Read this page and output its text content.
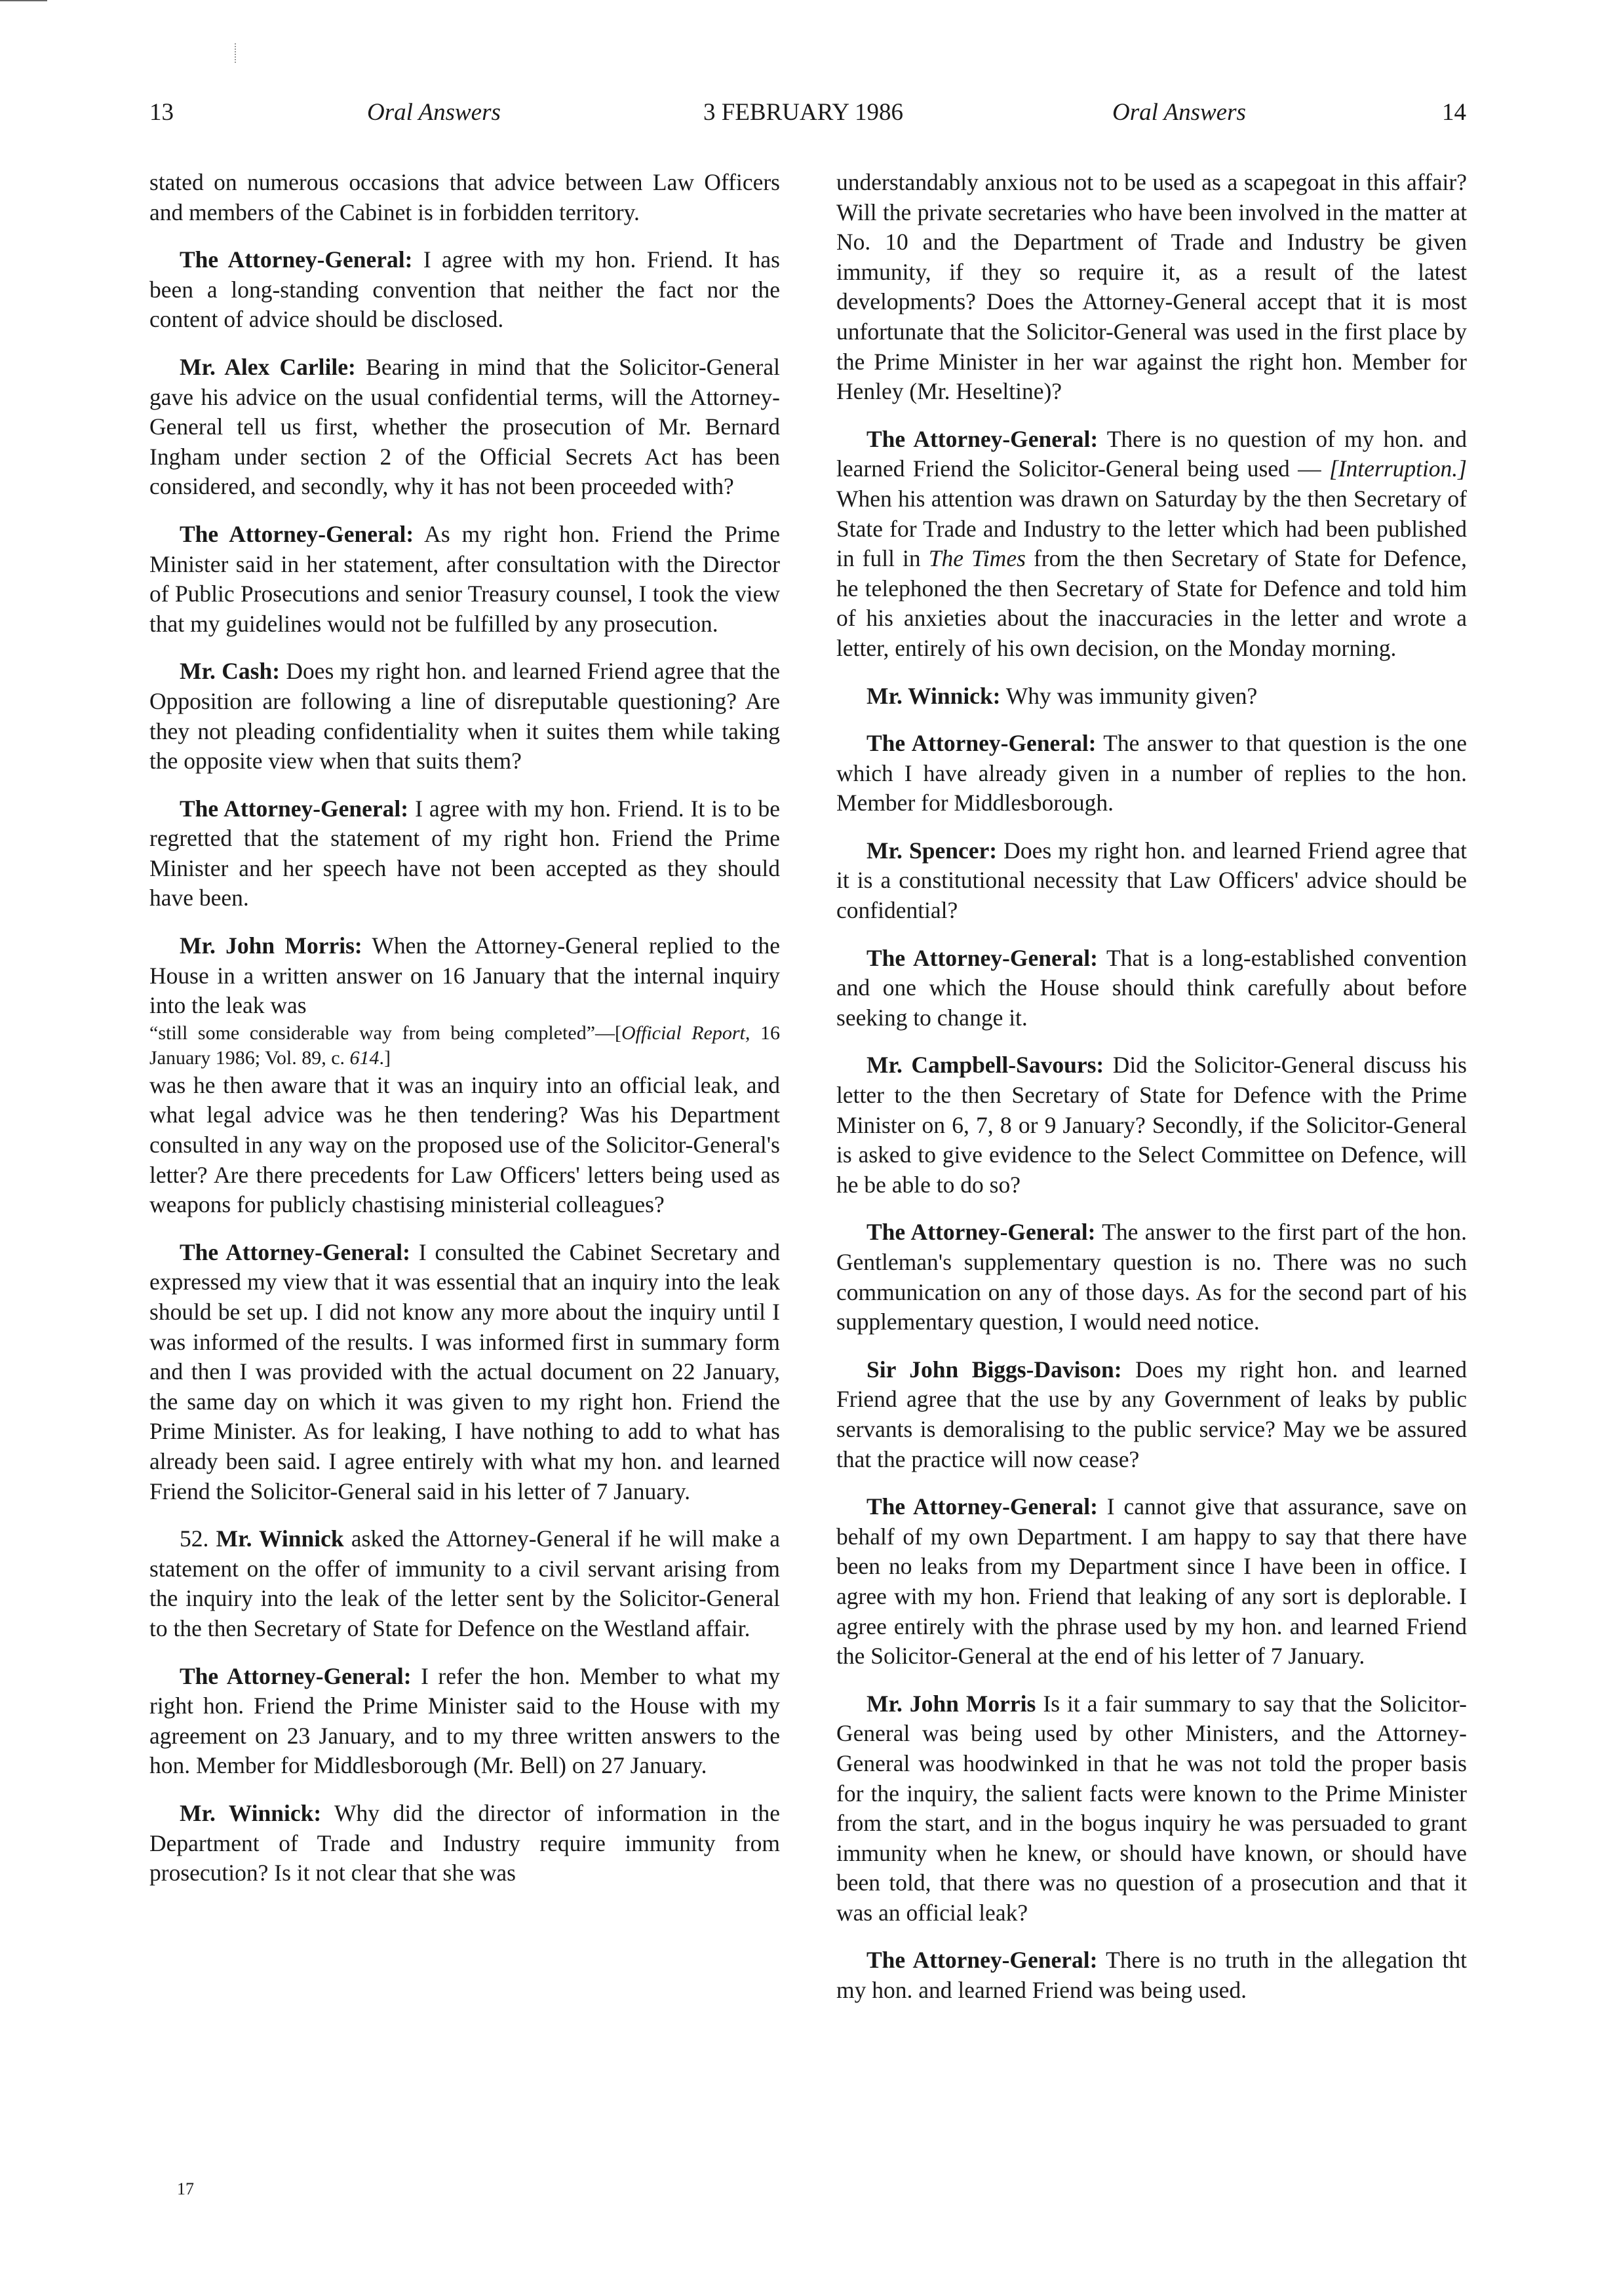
13	Oral Answers	3 FEBRUARY 1986	Oral Answers	14

stated on numerous occasions that advice between Law Officers and members of the Cabinet is in forbidden territory.

The Attorney-General: I agree with my hon. Friend. It has been a long-standing convention that neither the fact nor the content of advice should be disclosed.

Mr. Alex Carlile: Bearing in mind that the Solicitor-General gave his advice on the usual confidential terms, will the Attorney-General tell us first, whether the prosecution of Mr. Bernard Ingham under section 2 of the Official Secrets Act has been considered, and secondly, why it has not been proceeded with?

The Attorney-General: As my right hon. Friend the Prime Minister said in her statement, after consultation with the Director of Public Prosecutions and senior Treasury counsel, I took the view that my guidelines would not be fulfilled by any prosecution.

Mr. Cash: Does my right hon. and learned Friend agree that the Opposition are following a line of disreputable questioning? Are they not pleading confidentiality when it suites them while taking the opposite view when that suits them?

The Attorney-General: I agree with my hon. Friend. It is to be regretted that the statement of my right hon. Friend the Prime Minister and her speech have not been accepted as they should have been.

Mr. John Morris: When the Attorney-General replied to the House in a written answer on 16 January that the internal inquiry into the leak was

“still some considerable way from being completed”—[Official Report, 16 January 1986; Vol. 89, c. 614.]

was he then aware that it was an inquiry into an official leak, and what legal advice was he then tendering? Was his Department consulted in any way on the proposed use of the Solicitor-General's letter? Are there precedents for Law Officers' letters being used as weapons for publicly chastising ministerial colleagues?

The Attorney-General: I consulted the Cabinet Secretary and expressed my view that it was essential that an inquiry into the leak should be set up. I did not know any more about the inquiry until I was informed of the results. I was informed first in summary form and then I was provided with the actual document on 22 January, the same day on which it was given to my right hon. Friend the Prime Minister. As for leaking, I have nothing to add to what has already been said. I agree entirely with what my hon. and learned Friend the Solicitor-General said in his letter of 7 January.

52. Mr. Winnick asked the Attorney-General if he will make a statement on the offer of immunity to a civil servant arising from the inquiry into the leak of the letter sent by the Solicitor-General to the then Secretary of State for Defence on the Westland affair.

The Attorney-General: I refer the hon. Member to what my right hon. Friend the Prime Minister said to the House with my agreement on 23 January, and to my three written answers to the hon. Member for Middlesborough (Mr. Bell) on 27 January.

Mr. Winnick: Why did the director of information in the Department of Trade and Industry require immunity from prosecution? Is it not clear that she was

understandably anxious not to be used as a scapegoat in this affair? Will the private secretaries who have been involved in the matter at No. 10 and the Department of Trade and Industry be given immunity, if they so require it, as a result of the latest developments? Does the Attorney-General accept that it is most unfortunate that the Solicitor-General was used in the first place by the Prime Minister in her war against the right hon. Member for Henley (Mr. Heseltine)?

The Attorney-General: There is no question of my hon. and learned Friend the Solicitor-General being used — [Interruption.] When his attention was drawn on Saturday by the then Secretary of State for Trade and Industry to the letter which had been published in full in The Times from the then Secretary of State for Defence, he telephoned the then Secretary of State for Defence and told him of his anxieties about the inaccuracies in the letter and wrote a letter, entirely of his own decision, on the Monday morning.

Mr. Winnick: Why was immunity given?

The Attorney-General: The answer to that question is the one which I have already given in a number of replies to the hon. Member for Middlesborough.

Mr. Spencer: Does my right hon. and learned Friend agree that it is a constitutional necessity that Law Officers' advice should be confidential?

The Attorney-General: That is a long-established convention and one which the House should think carefully about before seeking to change it.

Mr. Campbell-Savours: Did the Solicitor-General discuss his letter to the then Secretary of State for Defence with the Prime Minister on 6, 7, 8 or 9 January? Secondly, if the Solicitor-General is asked to give evidence to the Select Committee on Defence, will he be able to do so?

The Attorney-General: The answer to the first part of the hon. Gentleman's supplementary question is no. There was no such communication on any of those days. As for the second part of his supplementary question, I would need notice.

Sir John Biggs-Davison: Does my right hon. and learned Friend agree that the use by any Government of leaks by public servants is demoralising to the public service? May we be assured that the practice will now cease?

The Attorney-General: I cannot give that assurance, save on behalf of my own Department. I am happy to say that there have been no leaks from my Department since I have been in office. I agree with my hon. Friend that leaking of any sort is deplorable. I agree entirely with the phrase used by my hon. and learned Friend the Solicitor-General at the end of his letter of 7 January.

Mr. John Morris Is it a fair summary to say that the Solicitor-General was being used by other Ministers, and the Attorney-General was hoodwinked in that he was not told the proper basis for the inquiry, the salient facts were known to the Prime Minister from the start, and in the bogus inquiry he was persuaded to grant immunity when he knew, or should have known, or should have been told, that there was no question of a prosecution and that it was an official leak?

The Attorney-General: There is no truth in the allegation tht my hon. and learned Friend was being used.

17
